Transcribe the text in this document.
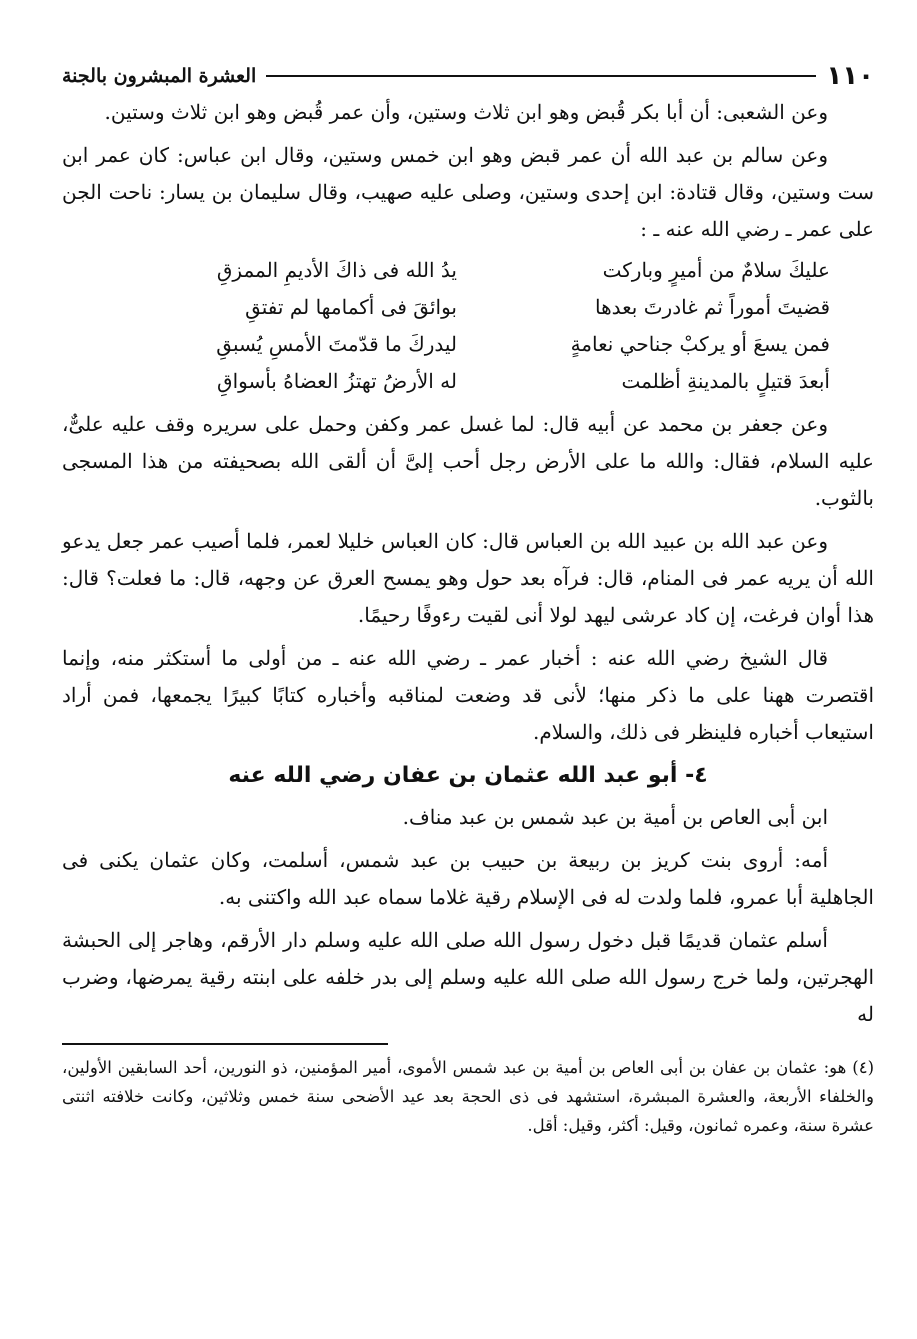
١١٠
العشرة المبشرون بالجنة

وعن الشعبى: أن أبا بكر قُبض وهو ابن ثلاث وستين، وأن عمر قُبض وهو ابن ثلاث وستين.

وعن سالم بن عبد الله أن عمر قبض وهو ابن خمس وستين، وقال ابن عباس: كان عمر ابن ست وستين، وقال قتادة: ابن إحدى وستين، وصلى عليه صهيب، وقال سليمان بن يسار: ناحت الجن على عمر ـ رضي الله عنه ـ :

عليكَ سلامٌ من أميرٍ وباركت
يدُ الله فى ذاكَ الأديمِ الممزقِ
قضيتَ أموراً ثم غادرتَ بعدها
بوائقَ فى أكمامها لم تفتقِ
فمن يسعَ أو يركبْ جناحي نعامةٍ
ليدركَ ما قدّمتَ الأمسِ يُسبقِ
أبعدَ قتيلٍ بالمدينةِ أظلمت
له الأرضُ تهتزُ العضاهُ بأسواقِ

وعن جعفر بن محمد عن أبيه قال: لما غسل عمر وكفن وحمل على سريره وقف عليه علىٌّ، عليه السلام، فقال: والله ما على الأرض رجل أحب إلىَّ أن ألقى الله بصحيفته من هذا المسجى بالثوب.

وعن عبد الله بن عبيد الله بن العباس قال: كان العباس خليلا لعمر، فلما أصيب عمر جعل يدعو الله أن يريه عمر فى المنام، قال: فرآه بعد حول وهو يمسح العرق عن وجهه، قال: ما فعلت؟ قال: هذا أوان فرغت، إن كاد عرشى ليهد لولا أنى لقيت رءوفًا رحيمًا.

قال الشيخ رضي الله عنه : أخبار عمر ـ رضي الله عنه ـ من أولى ما أستكثر منه، وإنما اقتصرت ههنا على ما ذكر منها؛ لأنى قد وضعت لمناقبه وأخباره كتابًا كبيرًا يجمعها، فمن أراد استيعاب أخباره فلينظر فى ذلك، والسلام.

٤- أبو عبد الله عثمان بن عفان رضي الله عنه

ابن أبى العاص بن أمية بن عبد شمس بن عبد مناف.

أمه: أروى بنت كريز بن ربيعة بن حبيب بن عبد شمس، أسلمت، وكان عثمان يكنى فى الجاهلية أبا عمرو، فلما ولدت له فى الإسلام رقية غلاما سماه عبد الله واكتنى به.

أسلم عثمان قديمًا قبل دخول رسول الله صلى الله عليه وسلم دار الأرقم، وهاجر إلى الحبشة الهجرتين، ولما خرج رسول الله صلى الله عليه وسلم إلى بدر خلفه على ابنته رقية يمرضها، وضرب له

(٤) هو: عثمان بن عفان بن أبى العاص بن أمية بن عبد شمس الأموى، أمير المؤمنين، ذو النورين، أحد السابقين الأولين، والخلفاء الأربعة، والعشرة المبشرة، استشهد فى ذى الحجة بعد عيد الأضحى سنة خمس وثلاثين، وكانت خلافته اثنتى عشرة سنة، وعمره ثمانون، وقيل: أكثر، وقيل: أقل.
